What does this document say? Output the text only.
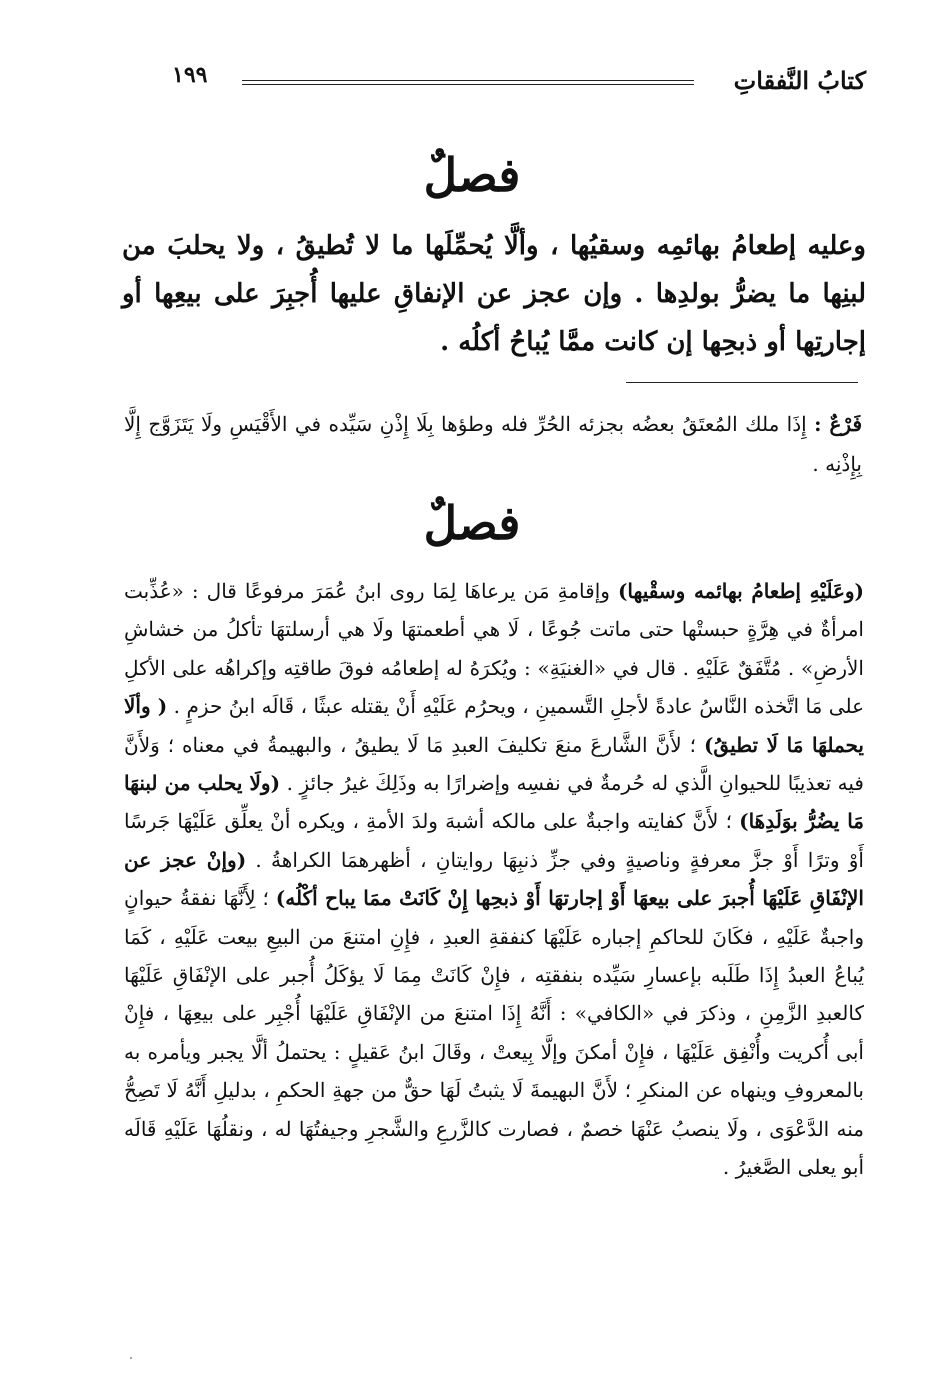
كتابُ النَّفقاتِ
١٩٩
فصلٌ
وعليه إطعامُ بهائمِه وسقيُها ، وألَّا يُحمِّلَها ما لا تُطيقُ ، ولا يحلبَ من لبنِها ما يضرُّ بولدِها . وإن عجز عن الإنفاقِ عليها أُجبِرَ على بيعِها أو إجارتِها أو ذبحِها إن كانت ممَّا يُباحُ أكلُه .
فَرْعٌ : إِذَا ملك المُعتَقُ بعضُه بجزئه الحُرِّ فله وطؤها بِلَا إِذْنِ سَيِّده في الأَقْيَسِ ولَا يَتَزَوَّج إِلَّا بِإِذْنِه .
فصلٌ
(وعَلَيْهِ إطعامُ بهائمه وسقْيها) وإقامةِ مَن يرعاهَا لِمَا روى ابنُ عُمَرَ مرفوعًا قال : «عُذِّبت امرأةٌ في هِرَّةٍ حبستْها حتى ماتت جُوعًا ، لَا هي أطعمتهَا ولَا هي أرسلتهَا تأكلُ من خشاشِ الأرضِ» . مُتَّفَقٌ عَلَيْهِ . قال في «الغنيَةِ» : ويُكرَهُ له إطعامُه فوقَ طاقتِه وإكراهُه على الأكلِ على مَا اتَّخذه النَّاسُ عادةً لأجلِ التَّسمينِ ، ويحرُم عَلَيْهِ أَنْ يقتله عبثًا ، قَالَه ابنُ حزمٍ . ( وألَا يحملهَا مَا لَا تطيقُ) ؛ لأَنَّ الشَّارعَ منعَ تكليفَ العبدِ مَا لَا يطيقُ ، والبهيمةُ في معناه ؛ وَلأَنَّ فيه تعذيبًا للحيوانِ الَّذي له حُرمةٌ في نفسِه وإضرارًا به وذَلِكَ غيرُ جائزٍ . (ولَا يحلب من لبنهَا مَا يضُرُّ بوَلَدِهَا) ؛ لأَنَّ كفايته واجبةٌ على مالكه أشبهَ ولدَ الأمةِ ، ويكره أنْ يعلِّق عَلَيْهَا جَرسًا أَوْ وترًا أَوْ جزَّ معرفةٍ وناصيةٍ وفي جزِّ ذنبِهَا روايتانِ ، أظهرهمَا الكراهةُ . (وإنْ عجز عن الإنْفَاقِ عَلَيْهَا أُجبرَ على بيعهَا أَوْ إجارتهَا أَوْ ذبحِها إِنْ كَانَتْ ممَا يباح أكْلُه) ؛ لِأَنَّهَا نفقةُ حيوانٍ واجبةٌ عَلَيْهِ ، فكَانَ للحاكمِ إجباره عَلَيْهَا كنفقةِ العبدِ ، فإِنِ امتنعَ من البيعِ بيعت عَلَيْهِ ، كَمَا يُباعُ العبدُ إِذَا طَلَبه بإعسارِ سَيِّده بنفقتِه ، فإِنْ كَانَتْ مِمَا لَا يؤكَلُ أُجبر على الإنْفَاقِ عَلَيْهَا كالعبدِ الزَّمِنِ ، وذكرَ في «الكافي» : أَنَّهُ إِذَا امتنعَ من الإنْفَاقِ عَلَيْهَا أُجْبِر على بيعِهَا ، فإِنْ أبى أُكريت وأُنْفِق عَلَيْهَا ، فإِنْ أمكنَ وإلَّا بِيعتْ ، وقَالَ ابنُ عَقيلٍ : يحتملُ ألَّا يجبر ويأمره به بالمعروفِ وينهاه عن المنكرِ ؛ لأَنَّ البهيمةَ لَا يثبتُ لَهَا حقٌّ من جهةِ الحكمِ ، بدليلِ أَنَّهُ لَا تَصِحُّ منه الدَّعْوَى ، ولَا ينصبُ عَنْهَا خصمٌ ، فصارت كالزَّرعِ والشَّجرِ وجيفتُهَا له ، ونقلُهَا عَلَيْهِ قَالَه أبو يعلى الصَّغيرُ .
